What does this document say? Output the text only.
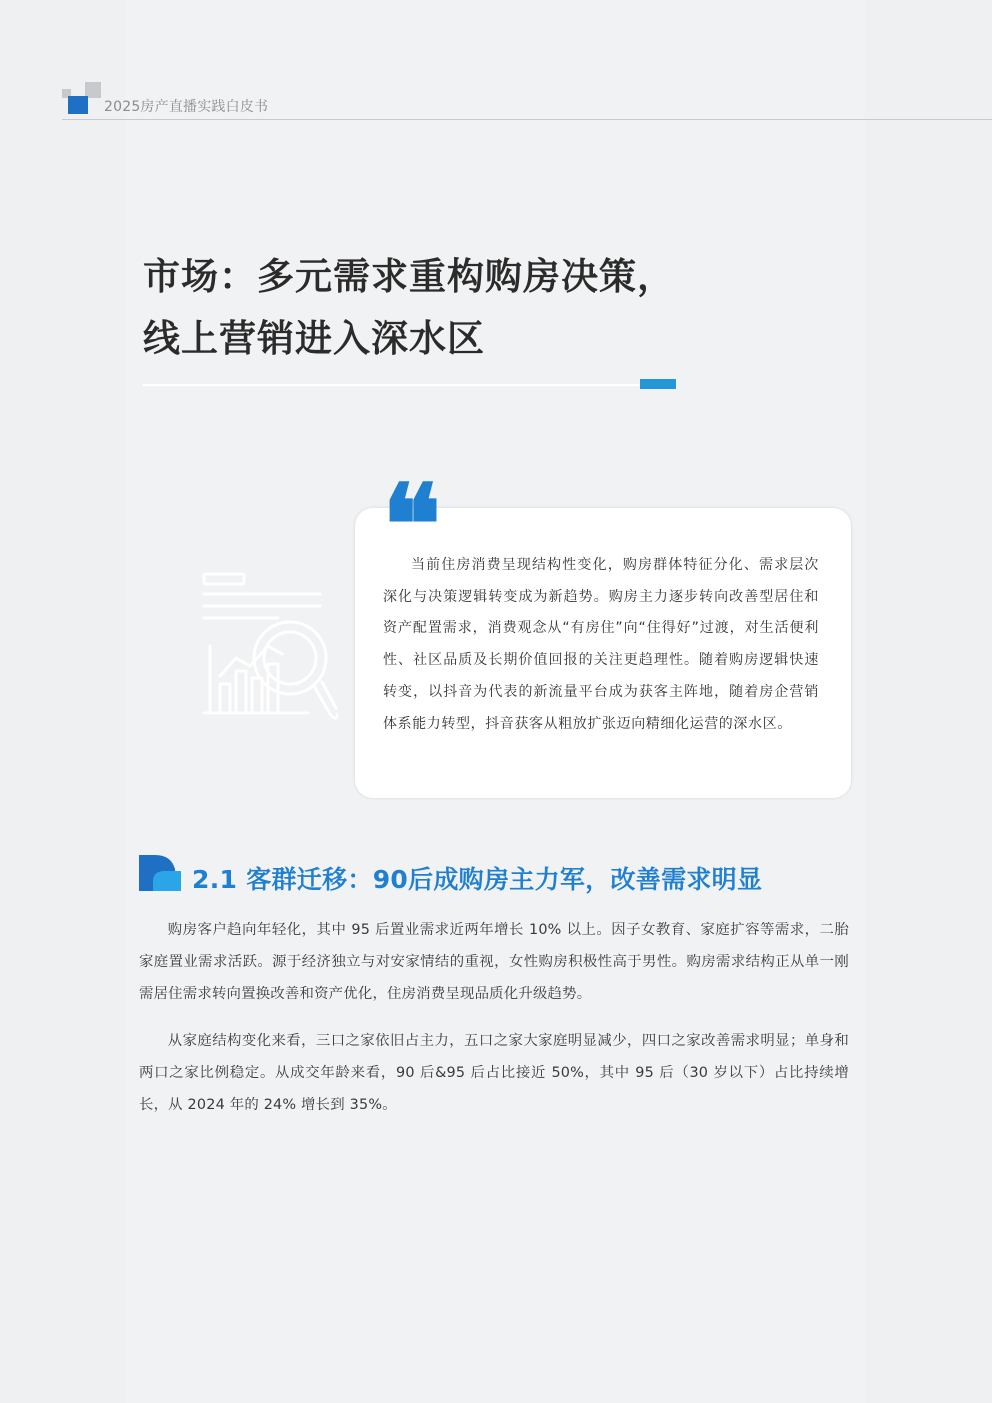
2025房产直播实践白皮书
市场：多元需求重构购房决策，
线上营销进入深水区
当前住房消费呈现结构性变化，购房群体特征分化、需求层次深化与决策逻辑转变成为新趋势。购房主力逐步转向改善型居住和资产配置需求，消费观念从“有房住”向“住得好”过渡，对生活便利性、社区品质及长期价值回报的关注更趋理性。随着购房逻辑快速转变，以抖音为代表的新流量平台成为获客主阵地，随着房企营销体系能力转型，抖音获客从粗放扩张迈向精细化运营的深水区。
❝
2.1 客群迁移：90后成购房主力军，改善需求明显
购房客户趋向年轻化，其中 95 后置业需求近两年增长 10% 以上。因子女教育、家庭扩容等需求，二胎家庭置业需求活跃。源于经济独立与对安家情结的重视，女性购房积极性高于男性。购房需求结构正从单一刚需居住需求转向置换改善和资产优化，住房消费呈现品质化升级趋势。
从家庭结构变化来看，三口之家依旧占主力，五口之家大家庭明显减少，四口之家改善需求明显；单身和两口之家比例稳定。从成交年龄来看，90 后&95 后占比接近 50%，其中 95 后（30 岁以下）占比持续增长，从 2024 年的 24% 增长到 35%。
